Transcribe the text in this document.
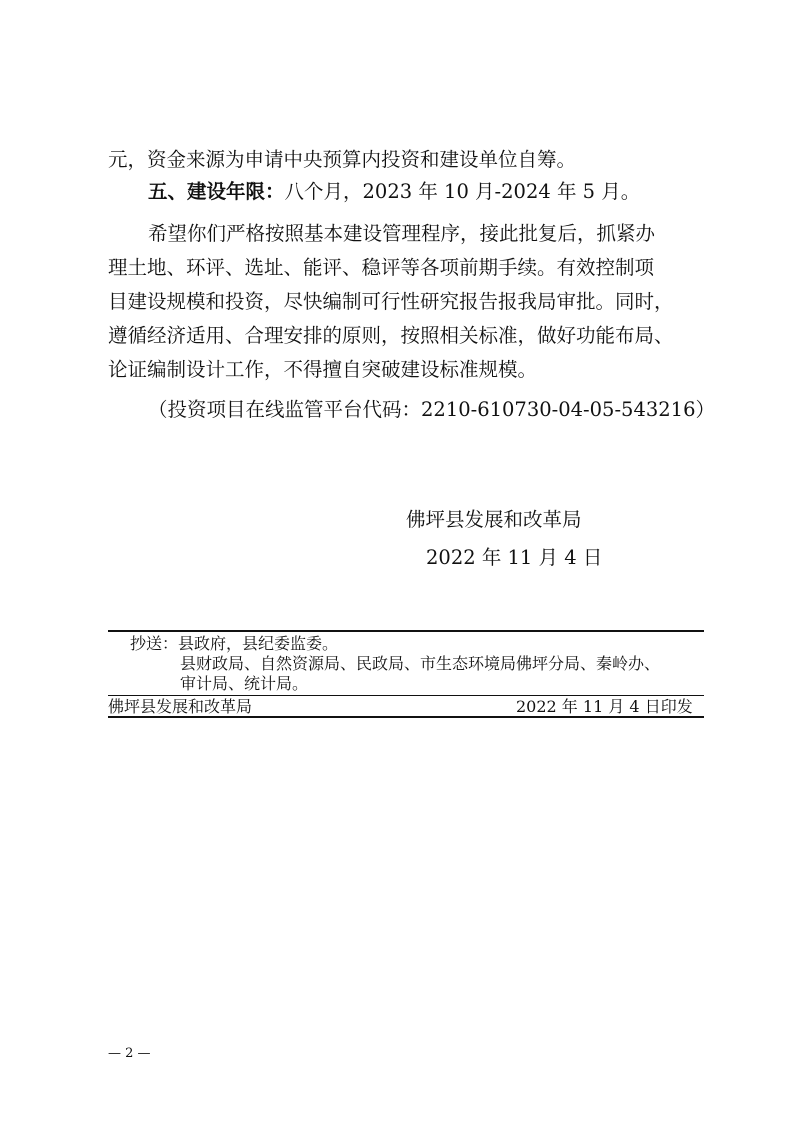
元，资金来源为申请中央预算内投资和建设单位自筹。
五、建设年限：八个月，2023 年 10 月-2024 年 5 月。
希望你们严格按照基本建设管理程序，接此批复后，抓紧办
理土地、环评、选址、能评、稳评等各项前期手续。有效控制项
目建设规模和投资，尽快编制可行性研究报告报我局审批。同时，
遵循经济适用、合理安排的原则，按照相关标准，做好功能布局、
论证编制设计工作，不得擅自突破建设标准规模。
（投资项目在线监管平台代码：2210-610730-04-05-543216）
佛坪县发展和改革局
2022 年 11 月 4 日
抄送：县政府，县纪委监委。
县财政局、自然资源局、民政局、市生态环境局佛坪分局、秦岭办、
审计局、统计局。
佛坪县发展和改革局	2022 年 11 月 4 日印发
— 2 —
